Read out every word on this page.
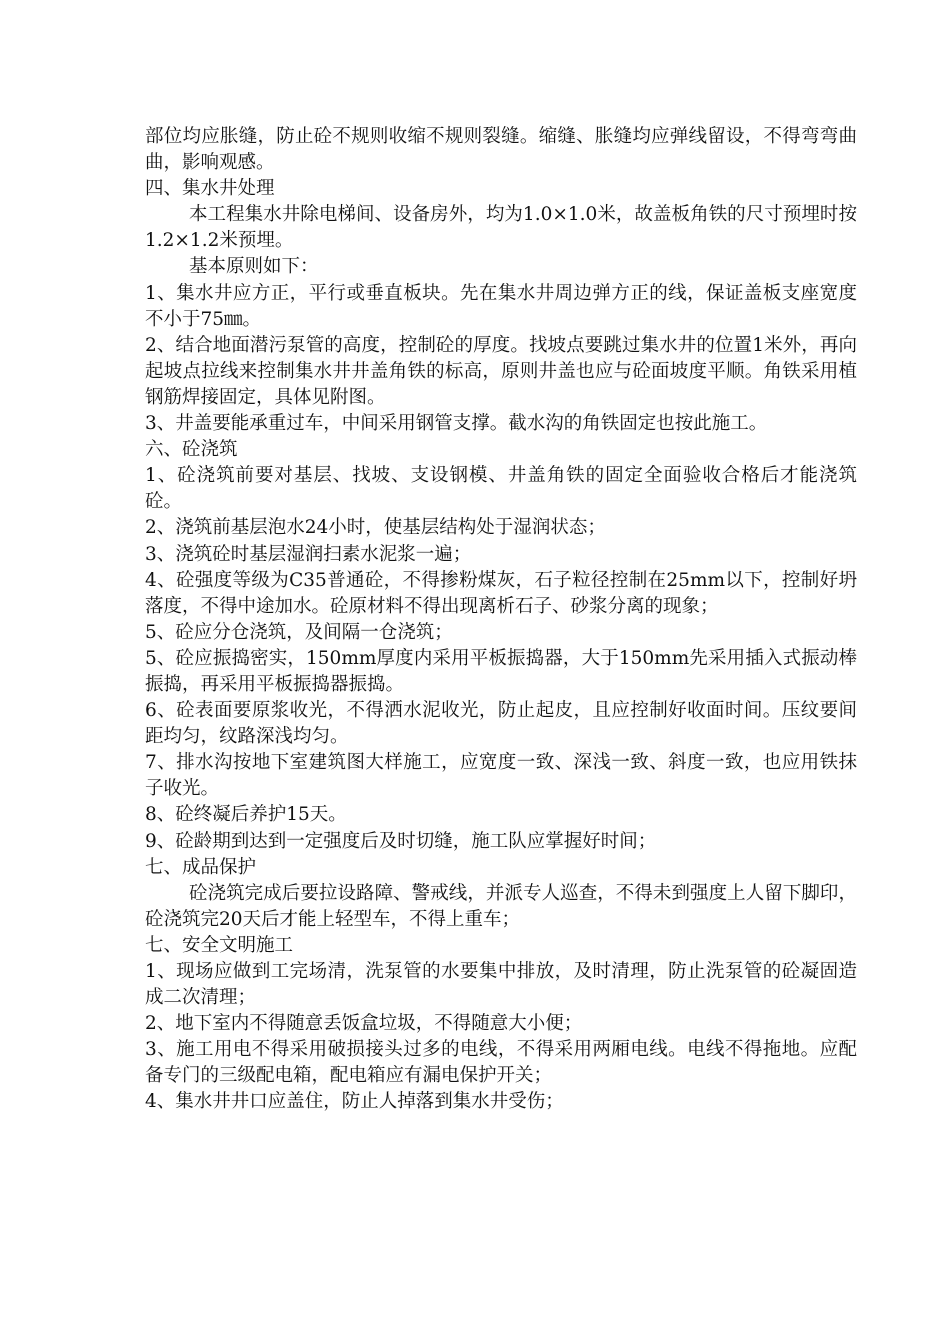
部位均应胀缝，防止砼不规则收缩不规则裂缝。缩缝、胀缝均应弹线留设，不得弯弯曲曲，影响观感。

四、集水井处理

本工程集水井除电梯间、设备房外，均为1.0×1.0米，故盖板角铁的尺寸预埋时按1.2×1.2米预埋。

基本原则如下：

1、集水井应方正，平行或垂直板块。先在集水井周边弹方正的线，保证盖板支座宽度不小于75㎜。

2、结合地面潜污泵管的高度，控制砼的厚度。找坡点要跳过集水井的位置1米外，再向起坡点拉线来控制集水井井盖角铁的标高，原则井盖也应与砼面坡度平顺。角铁采用植钢筋焊接固定，具体见附图。

3、井盖要能承重过车，中间采用钢管支撑。截水沟的角铁固定也按此施工。

六、砼浇筑

1、砼浇筑前要对基层、找坡、支设钢模、井盖角铁的固定全面验收合格后才能浇筑砼。

2、浇筑前基层泡水24小时，使基层结构处于湿润状态；

3、浇筑砼时基层湿润扫素水泥浆一遍；

4、砼强度等级为C35普通砼，不得掺粉煤灰，石子粒径控制在25mm以下，控制好坍落度，不得中途加水。砼原材料不得出现离析石子、砂浆分离的现象；

5、砼应分仓浇筑，及间隔一仓浇筑；

5、砼应振捣密实，150mm厚度内采用平板振捣器，大于150mm先采用插入式振动棒振捣，再采用平板振捣器振捣。

6、砼表面要原浆收光，不得洒水泥收光，防止起皮，且应控制好收面时间。压纹要间距均匀，纹路深浅均匀。

7、排水沟按地下室建筑图大样施工，应宽度一致、深浅一致、斜度一致，也应用铁抹子收光。

8、砼终凝后养护15天。

9、砼龄期到达到一定强度后及时切缝，施工队应掌握好时间；

七、成品保护

砼浇筑完成后要拉设路障、警戒线，并派专人巡查，不得未到强度上人留下脚印，砼浇筑完20天后才能上轻型车，不得上重车；

七、安全文明施工

1、现场应做到工完场清，洗泵管的水要集中排放，及时清理，防止洗泵管的砼凝固造成二次清理；

2、地下室内不得随意丢饭盒垃圾，不得随意大小便；

3、施工用电不得采用破损接头过多的电线，不得采用两厢电线。电线不得拖地。应配备专门的三级配电箱，配电箱应有漏电保护开关；

4、集水井井口应盖住，防止人掉落到集水井受伤；
